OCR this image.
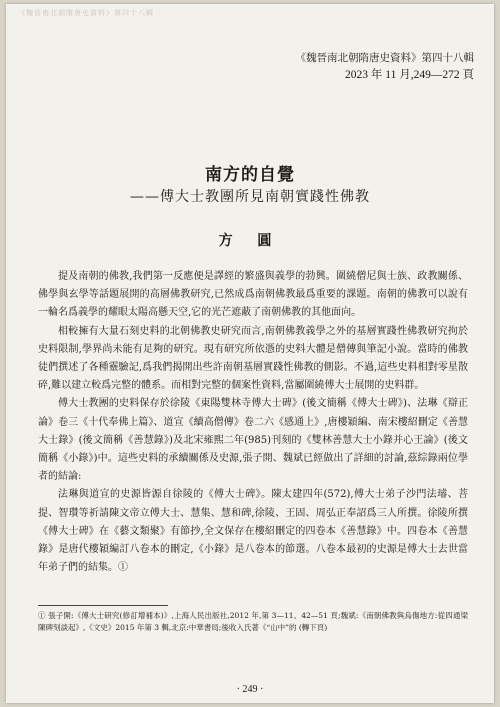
《魏晉南北朝隋唐史資料》第四十八輯
《魏晉南北朝隋唐史資料》第四十八輯
2023 年 11 月,249—272 頁
南方的自覺
——傅大士教團所見南朝實踐性佛教
方 圓

提及南朝的佛教,我們第一反應便是譯經的繁盛與義學的勃興。圍繞僧尼與士族、政教關係、佛學與玄學等話題展開的高層佛教研究,已然成爲南朝佛教最爲重要的課題。南朝的佛教可以說有一輪名爲義學的耀眼太陽高懸天空,它的光芒遮蔽了南朝佛教的其他面向。

相較擁有大量石刻史料的北朝佛教史研究而言,南朝佛教義學之外的基層實踐性佛教研究拘於史料限制,學界尚未能有足夠的研究。現有研究所依憑的史料大體是僧傳與筆記小說。當時的佛教徒們撰述了各種靈驗記,爲我們揭開出些許南朝基層實踐性佛教的側影。不過,這些史料相對零星散碎,難以建立較爲完整的體系。而相對完整的個案性資料,當屬圍繞傅大士展開的史料群。

傅大士教團的史料保存於徐陵《東陽雙林寺傅大士碑》(後文簡稱《傅大士碑》)、法琳《辯正論》卷三《十代奉佛上篇》、道宣《續高僧傳》卷二六《感通上》,唐樓穎編、南宋樓紹刪定《善慧大士錄》(後文簡稱《善慧錄》)及北宋雍熙二年(985)刊刻的《雙林善慧大士小錄并心王論》(後文簡稱《小錄》)中。這些史料的承續關係及史源,張子開、魏斌已經做出了詳細的討論,茲綜錄兩位學者的結論:

法琳與道宣的史源皆源自徐陵的《傅大士碑》。陳太建四年(572),傅大士弟子沙門法璿、菩提、智瓚等祈請陳文帝立傅大士、慧集、慧和碑,徐陵、王固、周弘正奉詔爲三人所撰。徐陵所撰《傅大士碑》在《藝文類聚》有節抄,全文保存在樓紹刪定的四卷本《善慧錄》中。四卷本《善慧錄》是唐代樓穎編訂八卷本的刪定,《小錄》是八卷本的節選。八卷本最初的史源是傅大士去世當年弟子們的結集。①

① 張子開:《傅大士研究(修訂增補本)》,上海人民出版社,2012 年,第 3—11、42—51 頁;魏斌:《南朝佛教與烏傷地方:從四通梁陳碑刻談起》,《文史》2015 年第 3 輯,北京:中華書局;後收入氏著《“山中”的 (轉下頁)
· 249 ·
